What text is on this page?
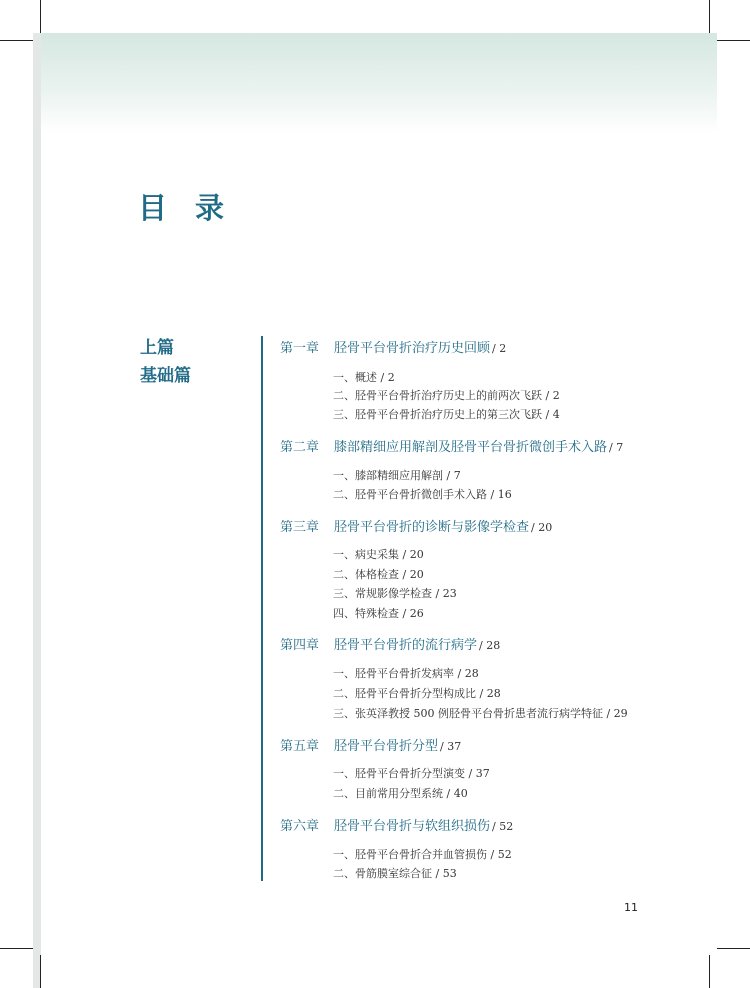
目 录
上篇
基础篇
第一章 胫骨平台骨折治疗历史回顾 / 2
一、概述 / 2
二、胫骨平台骨折治疗历史上的前两次飞跃 / 2
三、胫骨平台骨折治疗历史上的第三次飞跃 / 4
第二章 膝部精细应用解剖及胫骨平台骨折微创手术入路 / 7
一、膝部精细应用解剖 / 7
二、胫骨平台骨折微创手术入路 / 16
第三章 胫骨平台骨折的诊断与影像学检查 / 20
一、病史采集 / 20
二、体格检查 / 20
三、常规影像学检查 / 23
四、特殊检查 / 26
第四章 胫骨平台骨折的流行病学 / 28
一、胫骨平台骨折发病率 / 28
二、胫骨平台骨折分型构成比 / 28
三、张英泽教授 500 例胫骨平台骨折患者流行病学特征 / 29
第五章 胫骨平台骨折分型 / 37
一、胫骨平台骨折分型演变 / 37
二、目前常用分型系统 / 40
第六章 胫骨平台骨折与软组织损伤 / 52
一、胫骨平台骨折合并血管损伤 / 52
二、骨筋膜室综合征 / 53
11
